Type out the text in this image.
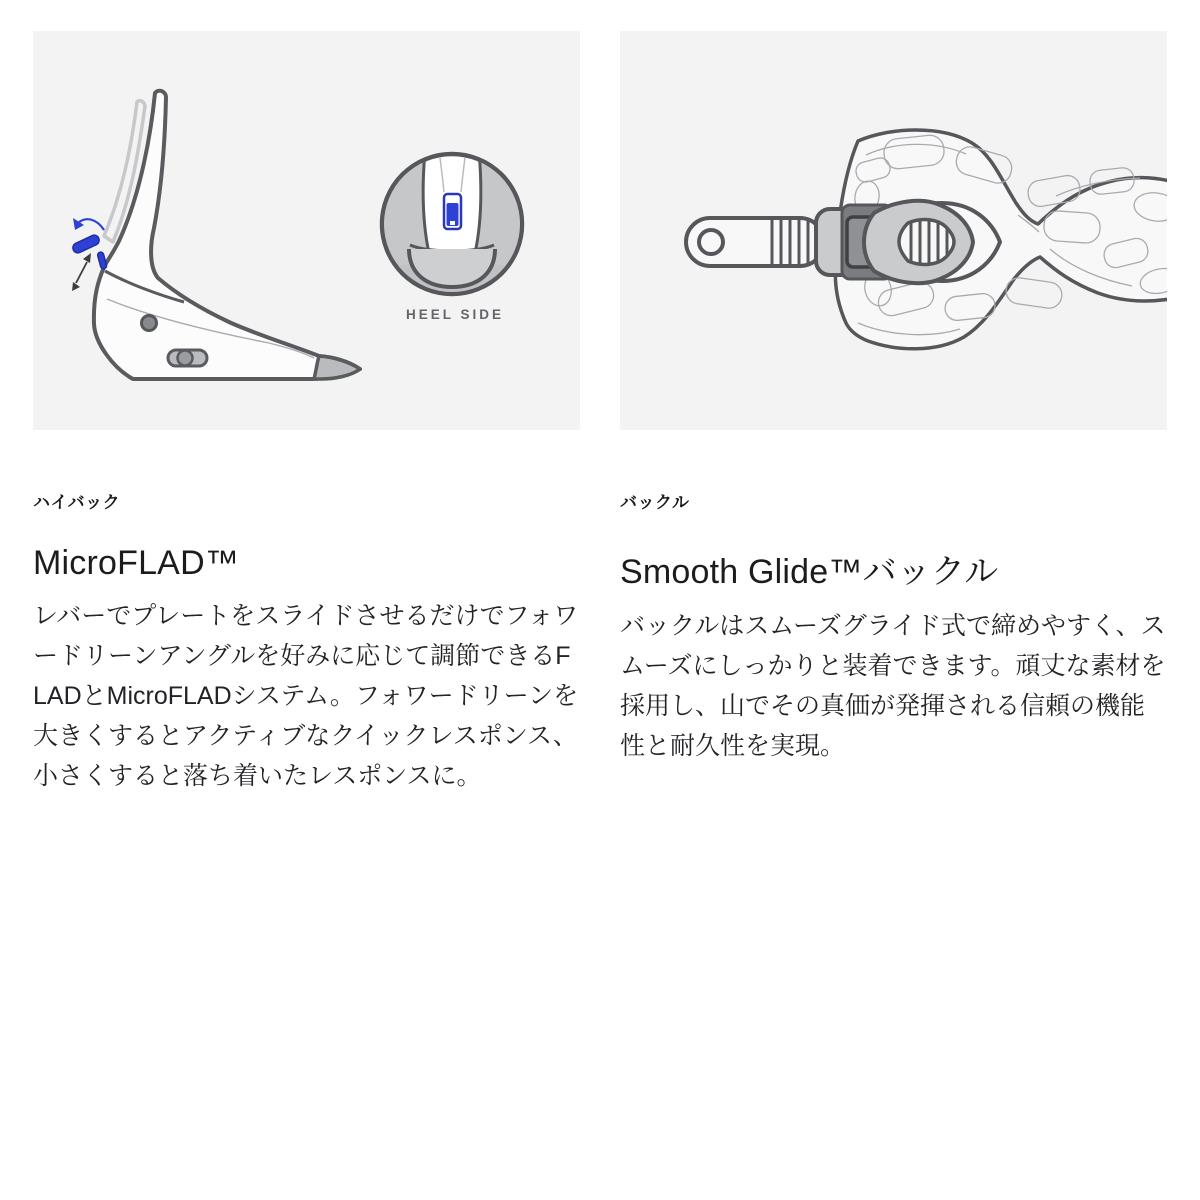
HEEL SIDE
ハイバック
MicroFLAD™

レバーでプレートをスライドさせるだけでフォワードリーンアングルを好みに応じて調節できるFLADとMicroFLADシステム。フォワードリーンを大きくするとアクティブなクイックレスポンス、小さくすると落ち着いたレスポンスに。

バックル
Smooth Glide™バックル

バックルはスムーズグライド式で締めやすく、スムーズにしっかりと装着できます。頑丈な素材を採用し、山でその真価が発揮される信頼の機能性と耐久性を実現。
